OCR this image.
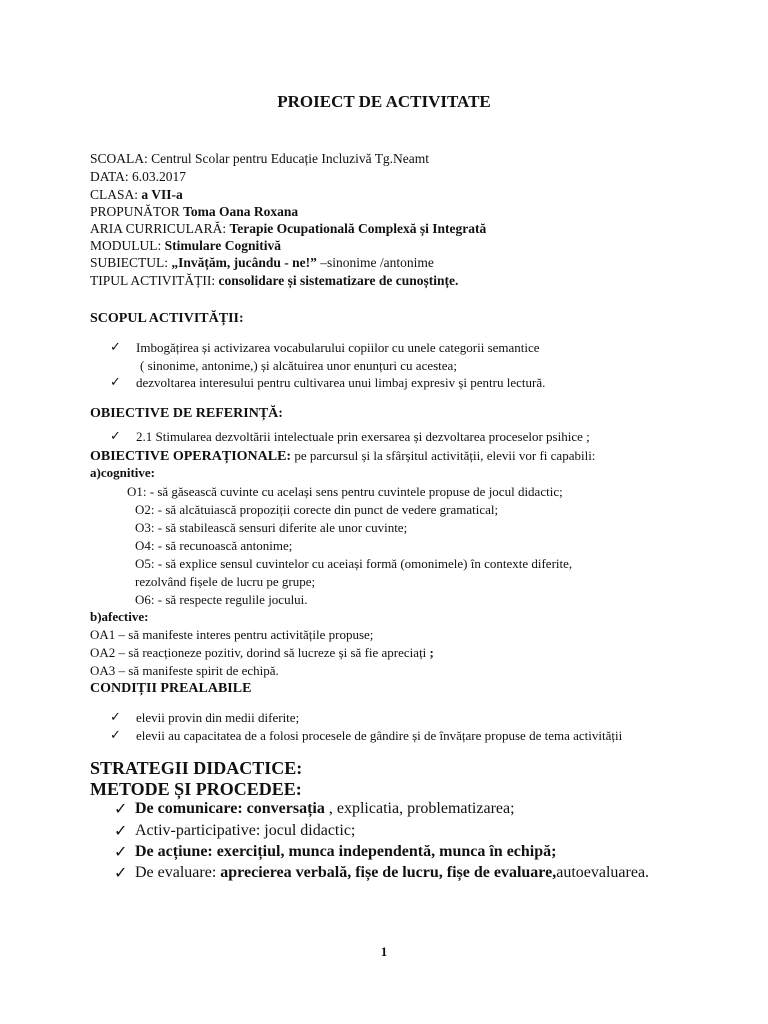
PROIECT DE ACTIVITATE
SCOALA: Centrul Scolar pentru Educație Incluzivă Tg.Neamt
DATA: 6.03.2017
CLASA: a VII-a
PROPUNĂTOR Toma Oana Roxana
ARIA CURRICULARĂ: Terapie Ocupatională Complexă și Integrată
MODULUL: Stimulare Cognitivă
SUBIECTUL: „Invățăm, jucându - ne!” –sinonime /antonime
TIPUL ACTIVITĂȚII: consolidare și sistematizare de cunoștințe.
SCOPUL ACTIVITĂȚII:
✓ Imbogățirea și activizarea vocabularului copiilor cu unele categorii semantice
( sinonime, antonime,) și alcătuirea unor enunțuri cu acestea;
✓ dezvoltarea interesului pentru cultivarea unui limbaj expresiv și pentru lectură.
OBIECTIVE DE REFERINȚĂ:
✓ 2.1 Stimularea dezvoltării intelectuale prin exersarea și dezvoltarea proceselor psihice ;
OBIECTIVE OPERAȚIONALE: pe parcursul și la sfârșitul activității, elevii vor fi capabili:
a)cognitive:
O1: - să găsească cuvinte cu același sens pentru cuvintele propuse de jocul didactic;
O2: - să alcătuiască propoziții corecte din punct de vedere gramatical;
O3: - să stabilească sensuri diferite ale unor cuvinte;
O4: - să recunoască antonime;
O5: - să explice sensul cuvintelor cu aceiași formă (omonimele) în contexte diferite,
rezolvând fișele de lucru pe grupe;
O6: - să respecte regulile jocului.
b)afective:
OA1 – să manifeste interes pentru activitățile propuse;
OA2 – să reacționeze pozitiv, dorind să lucreze și să fie apreciați ;
OA3 – să manifeste spirit de echipă.
CONDIȚII PREALABILE
✓ elevii provin din medii diferite;
✓ elevii au capacitatea de a folosi procesele de gândire și de învățare propuse de tema activității
STRATEGII DIDACTICE:
METODE ȘI PROCEDEE:
✓ De comunicare: conversația , explicatia, problematizarea;
✓ Activ-participative: jocul didactic;
✓ De acțiune: exercițiul, munca independentă, munca în echipă;
✓ De evaluare: aprecierea verbală, fișe de lucru, fișe de evaluare,autoevaluarea.
1
